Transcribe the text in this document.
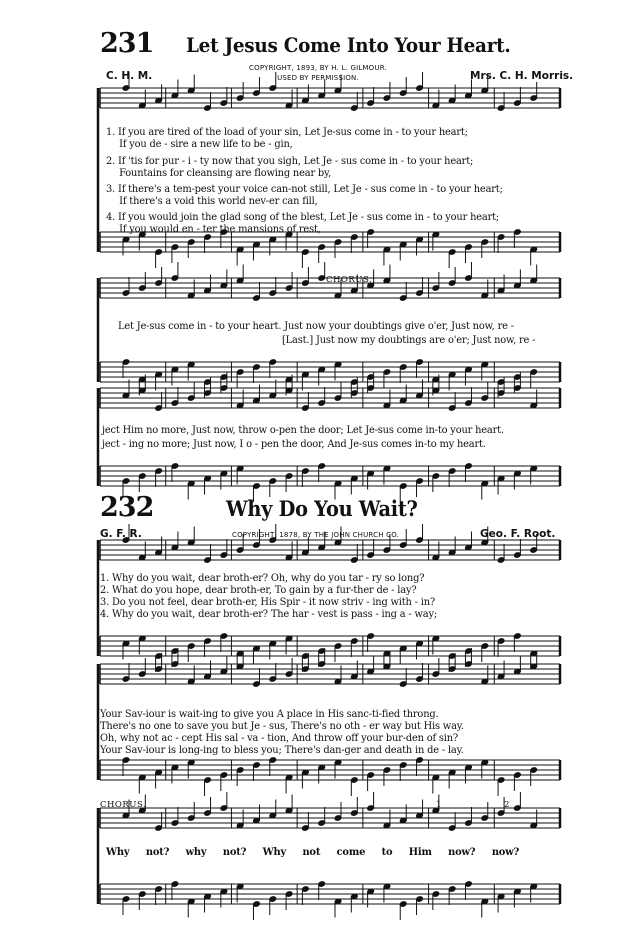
231 Let Jesus Come Into Your Heart.
COPYRIGHT, 1893, BY H. L. GILMOUR.
USED BY PERMISSION.
C. H. M.	Mrs. C. H. Morris.
1. If you are tired of the load of your sin, Let Je-sus come in - to your heart;
If you de - sire a new life to be - gin,
2. If 'tis for pur - i - ty now that you sigh, Let Je - sus come in - to your heart;
Fountains for cleansing are flowing near by,
3. If there's a tem-pest your voice can-not still, Let Je - sus come in - to your heart;
If there's a void this world nev-er can fill,
4. If you would join the glad song of the blest, Let Je - sus come in - to your heart;
If you would en - ter the mansions of rest,
CHORUS.
Let Je-sus come in - to your heart. Just now your doubtings give o'er, Just now, re -
[Last.] Just now my doubtings are o'er; Just now, re -
ject Him no more, Just now, throw o-pen the door; Let Je-sus come in-to your heart.
ject - ing no more; Just now, I o - pen the door, And Je-sus comes in-to my heart.
232	Why Do You Wait?
G. F. R.	COPYRIGHT, 1878, BY THE JOHN CHURCH CO.	Geo. F. Root.
1. Why do you wait, dear broth-er? Oh, why do you tar - ry so long?
2. What do you hope, dear broth-er, To gain by a fur-ther de - lay?
3. Do you not feel, dear broth-er, His Spir - it now striv - ing with - in?
4. Why do you wait, dear broth-er? The har - vest is pass - ing a - way;
Your Sav-iour is wait-ing to give you A place in His sanc-ti-fied throng.
There's no one to save you but Je - sus, There's no oth - er way but His way.
Oh, why not ac - cept His sal - va - tion, And throw off your bur-den of sin?
Your Sav-iour is long-ing to bless you; There's dan-ger and death in de - lay.
CHORUS.	1	2
Why not? why not? Why not come to Him now? now?
